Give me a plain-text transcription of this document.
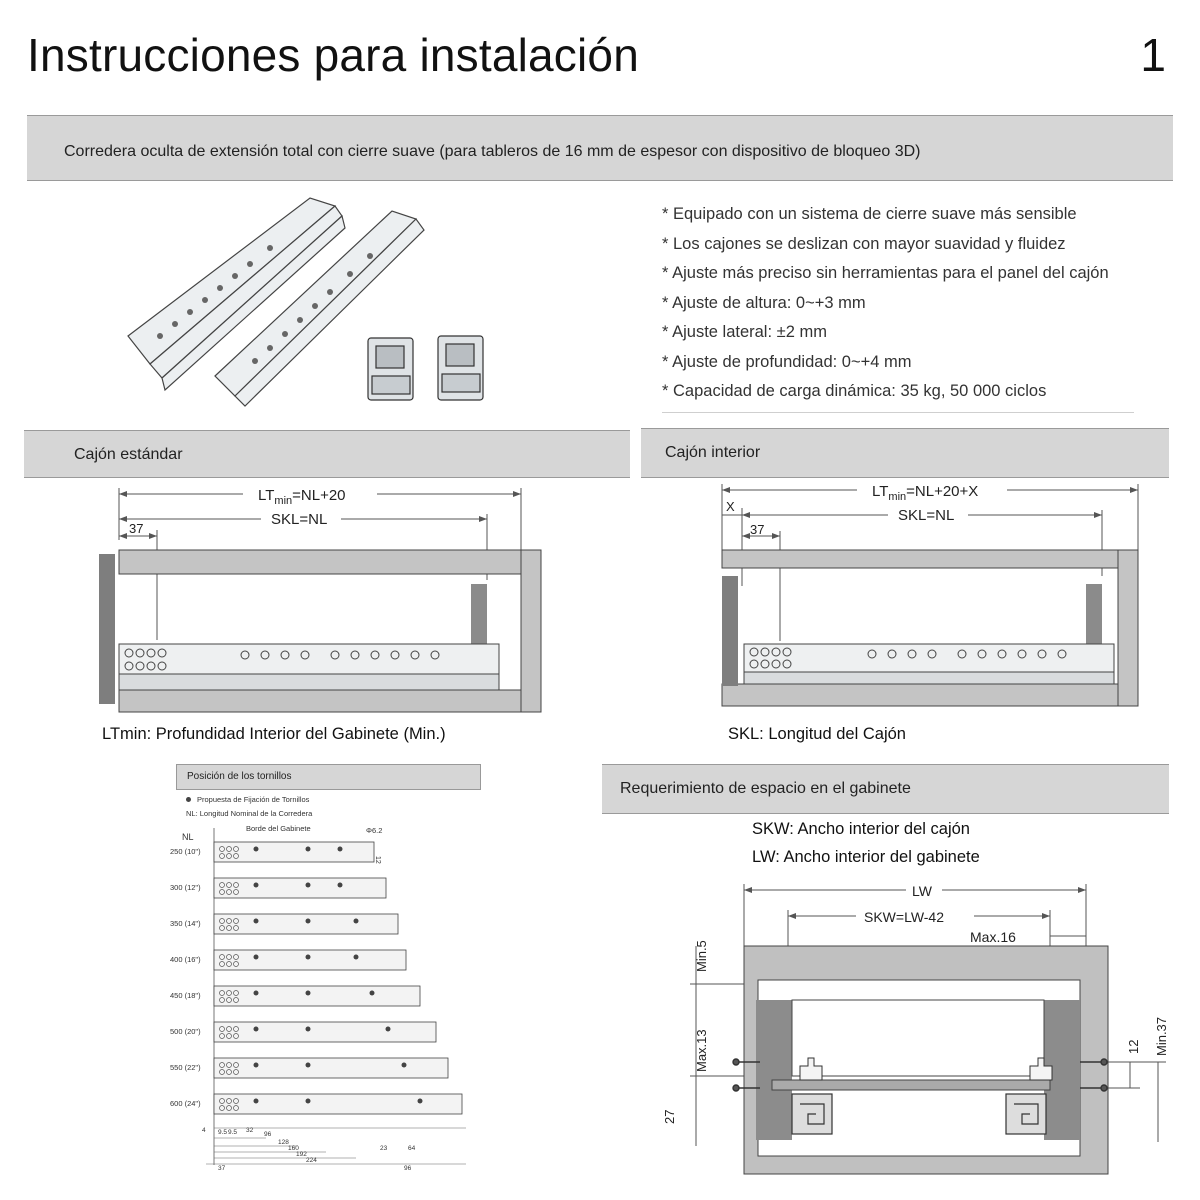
Instrucciones para instalación	1
Corredera oculta de extensión total con cierre suave (para tableros de 16 mm de espesor con dispositivo de bloqueo 3D)
* Equipado con un sistema de cierre suave más sensible
* Los cajones se deslizan con mayor suavidad y fluidez
* Ajuste más preciso sin herramientas para el panel del cajón
* Ajuste de altura: 0~+3 mm
* Ajuste lateral: ±2 mm
* Ajuste de profundidad: 0~+4 mm
* Capacidad de carga dinámica: 35 kg, 50 000 ciclos
Cajón estándar	Cajón interior
$LT_{min}=NL+20$
SKL=NL
37
LTmin: Profundidad Interior del Gabinete (Min.)
$LT_{min}=NL+20+X$
SKL=NL
X
37
SKL: Longitud del Cajón
Posición de los tornillos
Propuesta de Fijación de Tornillos
NL: Longitud Nominal de la Corredera
NL
Borde del Gabinete	Φ6.2
12
250 (10")
300 (12")
350 (14")
400 (16")
450 (18")
500 (20")
550 (22")
600 (24")
4 9.5 9.5 32
96
128
160
192
224
37
23	64
96
Requerimiento de espacio en el gabinete
SKW: Ancho interior del cajón
LW: Ancho interior del gabinete
LW
SKW=LW-42
Max.16
Min.5
Max.13
27
12 Min.37
